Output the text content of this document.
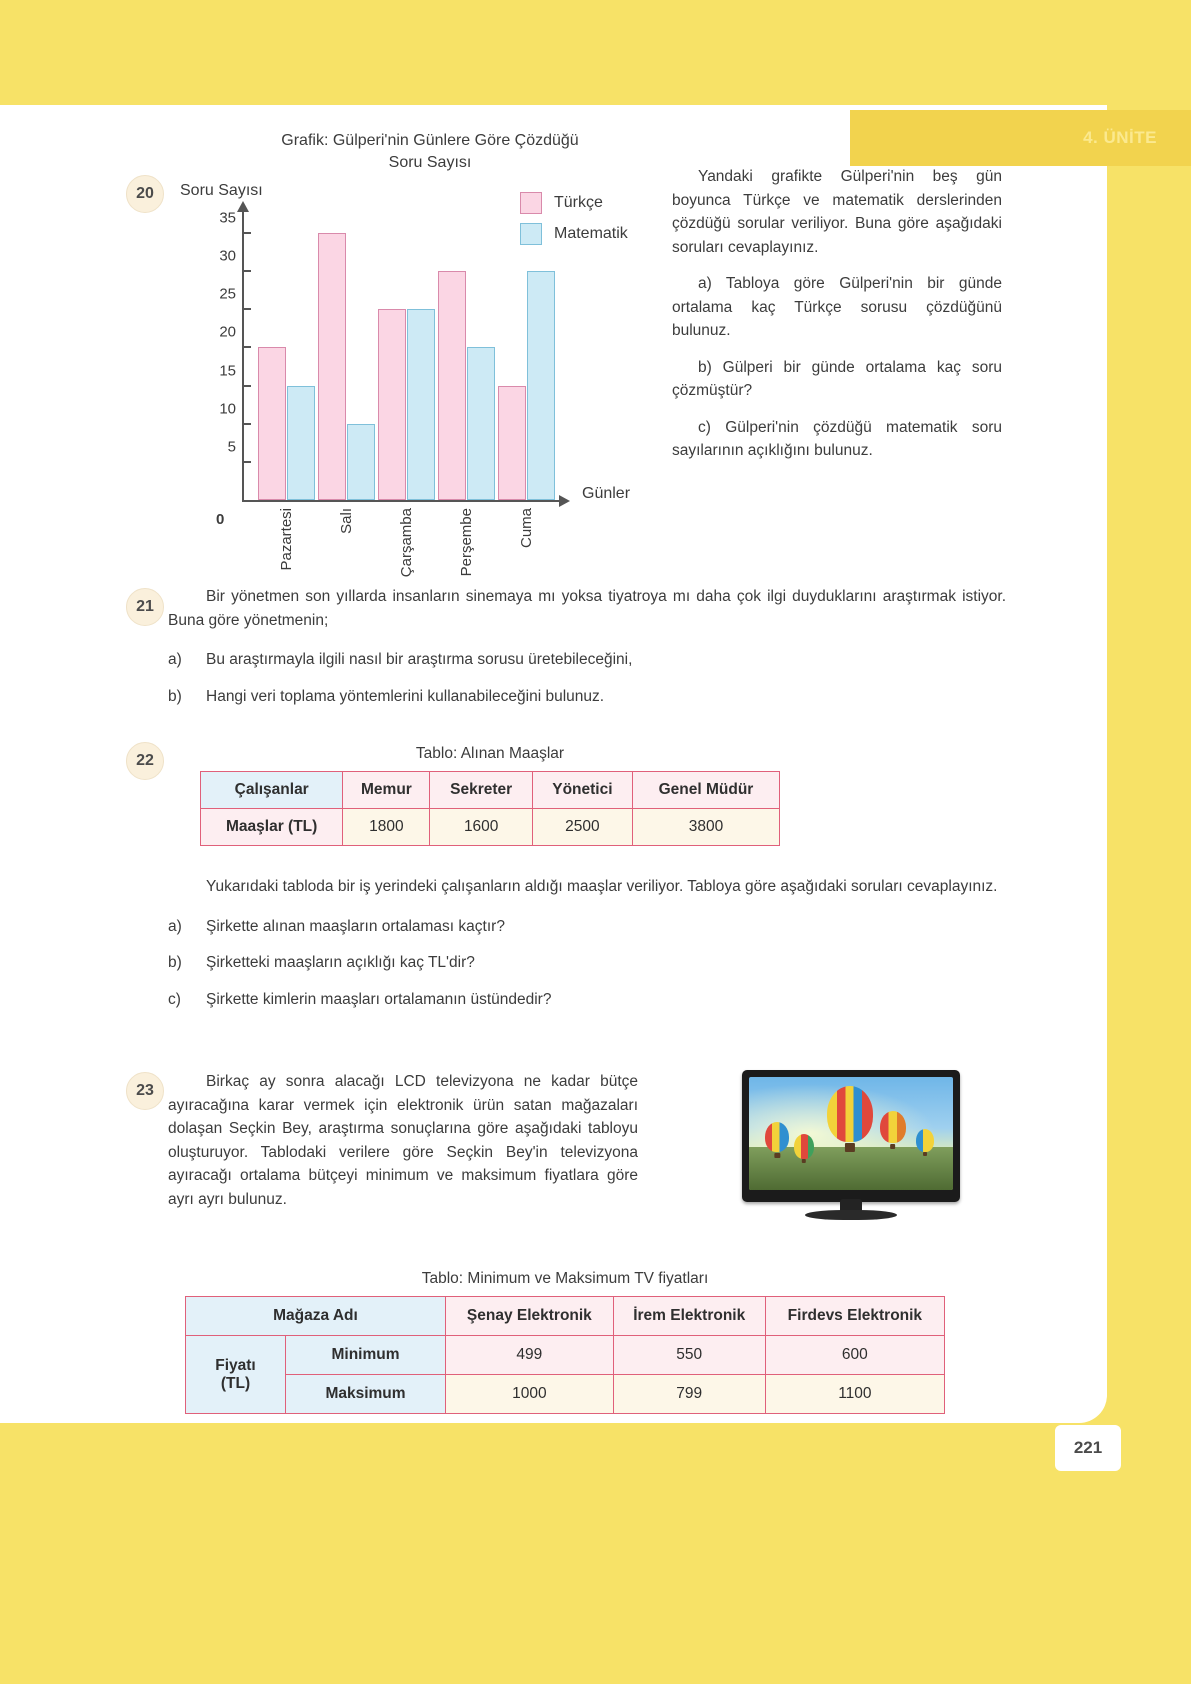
4. ÜNİTE
20
Grafik: Gülperi'nin Günlere Göre Çözdüğü
Soru Sayısı
Soru Sayısı
Türkçe
Matematik
5
10
15
20
25
30
35
0	Pazartesi	Salı	Çarşamba	Perşembe	Cuma
Günler

Yandaki grafikte Gülperi'nin beş gün boyunca Türkçe ve matematik derslerinden çözdüğü sorular veriliyor. Buna göre aşağıdaki soruları cevaplayınız.

a) Tabloya göre Gülperi'nin bir günde ortalama kaç Türkçe sorusu çözdüğünü bulunuz.

b) Gülperi bir günde ortalama kaç soru çözmüştür?

c) Gülperi'nin çözdüğü matematik soru sayılarının açıklığını bulunuz.

21

Bir yönetmen son yıllarda insanların sinemaya mı yoksa tiyatroya mı daha çok ilgi duyduklarını araştırmak istiyor. Buna göre yönetmenin;

a) Bu araştırmayla ilgili nasıl bir araştırma sorusu üretebileceğini,
b) Hangi veri toplama yöntemlerini kullanabileceğini bulunuz.
22	Tablo: Alınan Maaşlar
Çalışanlar	Memur	Sekreter	Yönetici	Genel Müdür
Maaşlar (TL)	1800	1600	2500	3800

Yukarıdaki tabloda bir iş yerindeki çalışanların aldığı maaşlar veriliyor. Tabloya göre aşağıdaki soruları cevaplayınız.

a) Şirkette alınan maaşların ortalaması kaçtır?
b) Şirketteki maaşların açıklığı kaç TL'dir?
c) Şirkette kimlerin maaşları ortalamanın üstündedir?
23

Birkaç ay sonra alacağı LCD televizyona ne kadar bütçe ayıracağına karar vermek için elektronik ürün satan mağazaları dolaşan Seçkin Bey, araştırma sonuçlarına göre aşağıdaki tabloyu oluşturuyor. Tablodaki verilere göre Seçkin Bey'in televizyona ayıracağı ortalama bütçeyi minimum ve maksimum fiyatlara göre ayrı ayrı bulunuz.

Tablo: Minimum ve Maksimum TV fiyatları
Mağaza Adı		Şenay Elektronik	İrem Elektronik	Firdevs Elektronik

Fiyatı
(TL)	Minimum	499	550	600
	Maksimum	1000	799	1100
221
